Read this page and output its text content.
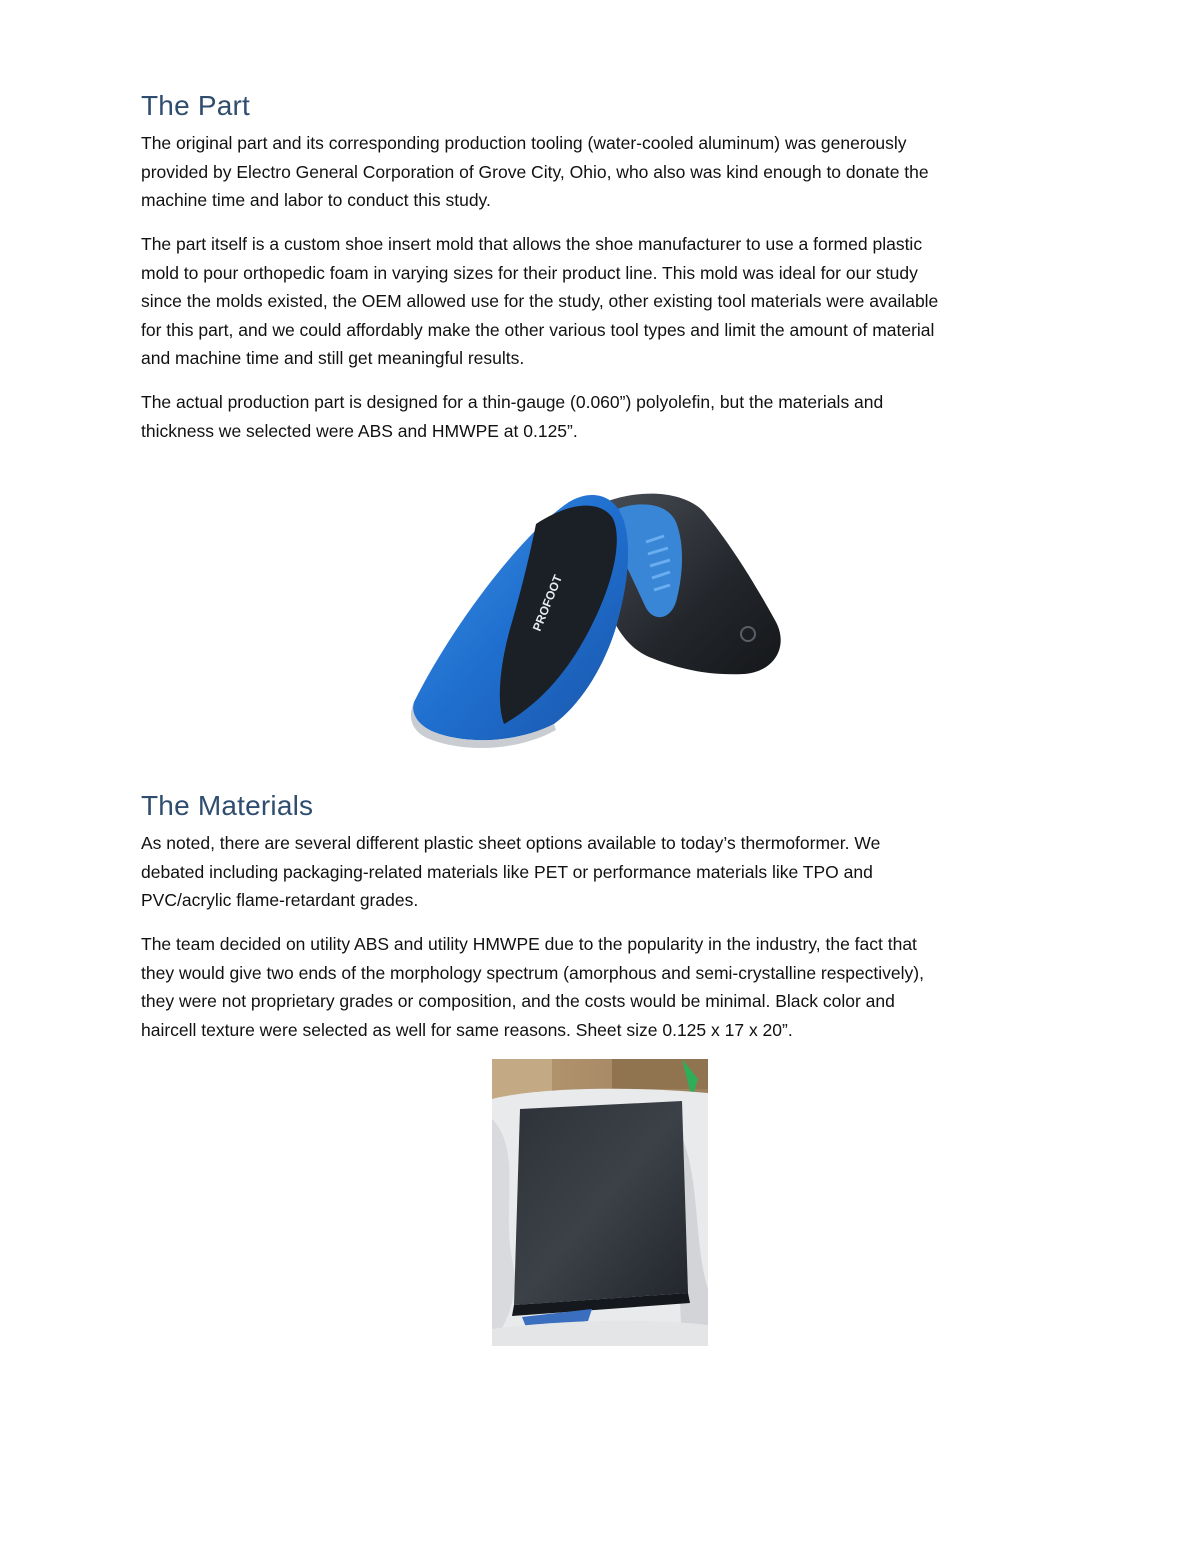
The Part

The original part and its corresponding production tooling (water-cooled aluminum) was generously
provided by Electro General Corporation of Grove City, Ohio, who also was kind enough to donate the
machine time and labor to conduct this study.

The part itself is a custom shoe insert mold that allows the shoe manufacturer to use a formed plastic
mold to pour orthopedic foam in varying sizes for their product line. This mold was ideal for our study
since the molds existed, the OEM allowed use for the study, other existing tool materials were available
for this part, and we could affordably make the other various tool types and limit the amount of material
and machine time and still get meaningful results.

The actual production part is designed for a thin-gauge (0.060”) polyolefin, but the materials and
thickness we selected were ABS and HMWPE at 0.125”.

PROFOOT
The Materials

As noted, there are several different plastic sheet options available to today’s thermoformer. We
debated including packaging-related materials like PET or performance materials like TPO and
PVC/acrylic flame-retardant grades.

The team decided on utility ABS and utility HMWPE due to the popularity in the industry, the fact that
they would give two ends of the morphology spectrum (amorphous and semi-crystalline respectively),
they were not proprietary grades or composition, and the costs would be minimal. Black color and
haircell texture were selected as well for same reasons. Sheet size 0.125 x 17 x 20”.
